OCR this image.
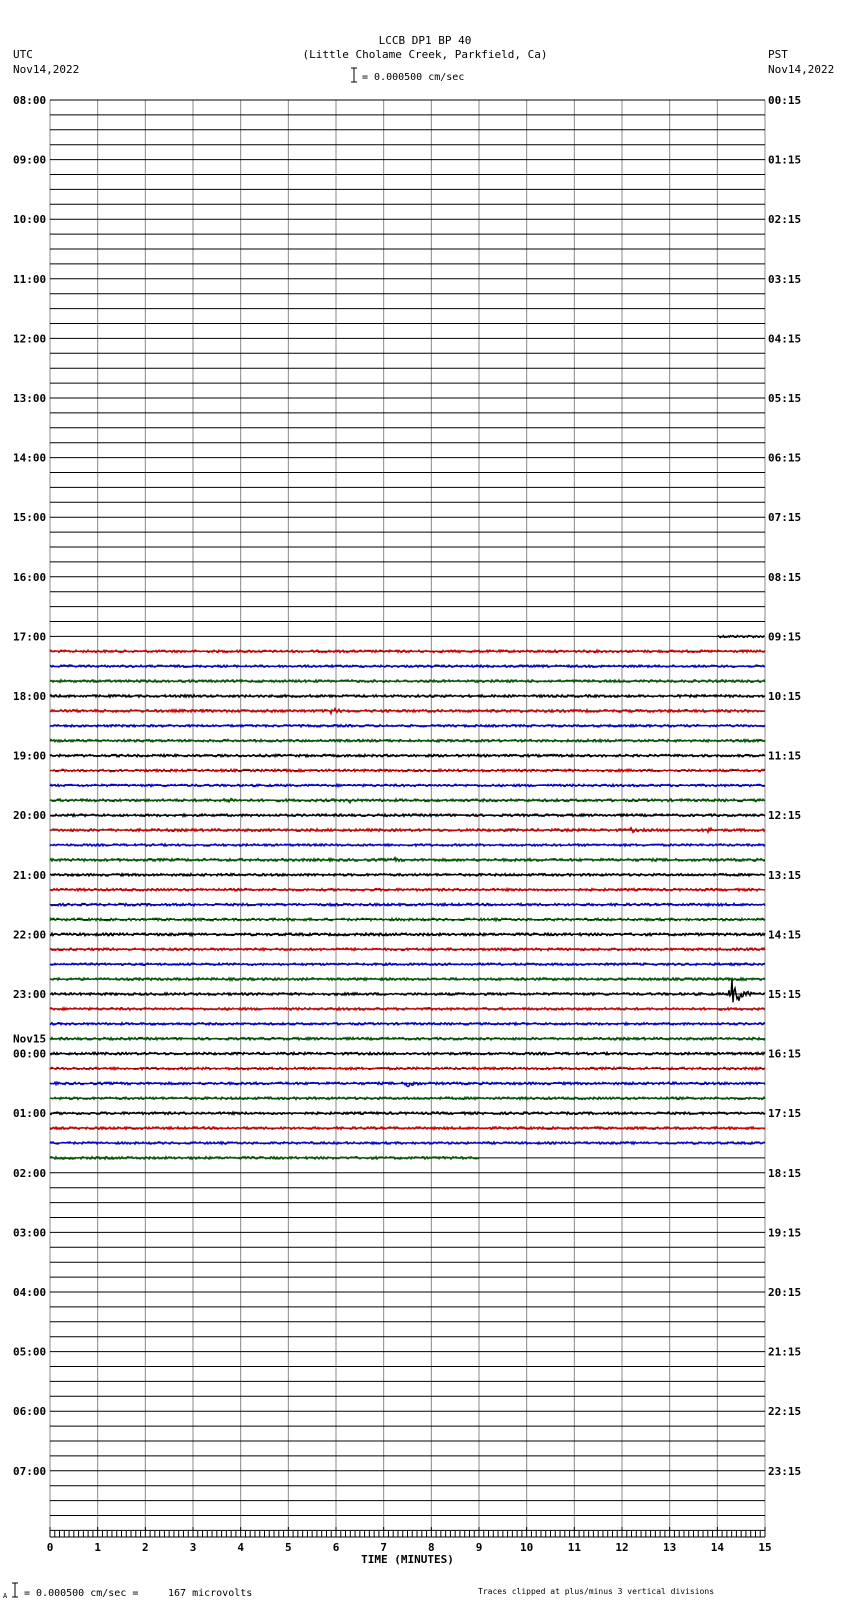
LCCB DP1 BP 40
(Little Cholame Creek, Parkfield, Ca)
UTC
Nov14,2022
PST
Nov14,2022
= 0.000500 cm/sec
A = 0.000500 cm/sec =	167 microvolts	Traces clipped at plus/minus 3 vertical divisions
08:00
09:00
10:00
11:00
12:00
13:00
14:00
15:00
16:00
17:00
18:00
19:00
20:00
21:00
22:00
23:00
00:00
01:00
02:00
03:00
04:00
05:00
06:00
07:00
00:15
01:15
02:15
03:15
04:15
05:15
06:15
07:15
08:15
09:15
10:15
11:15
12:15
13:15
14:15
15:15
16:15
17:15
18:15
19:15
20:15
21:15
22:15
23:15
Nov15
0	1	2	3	4	5	6	7	8	9	10	11	12	13	14	15
TIME (MINUTES)
